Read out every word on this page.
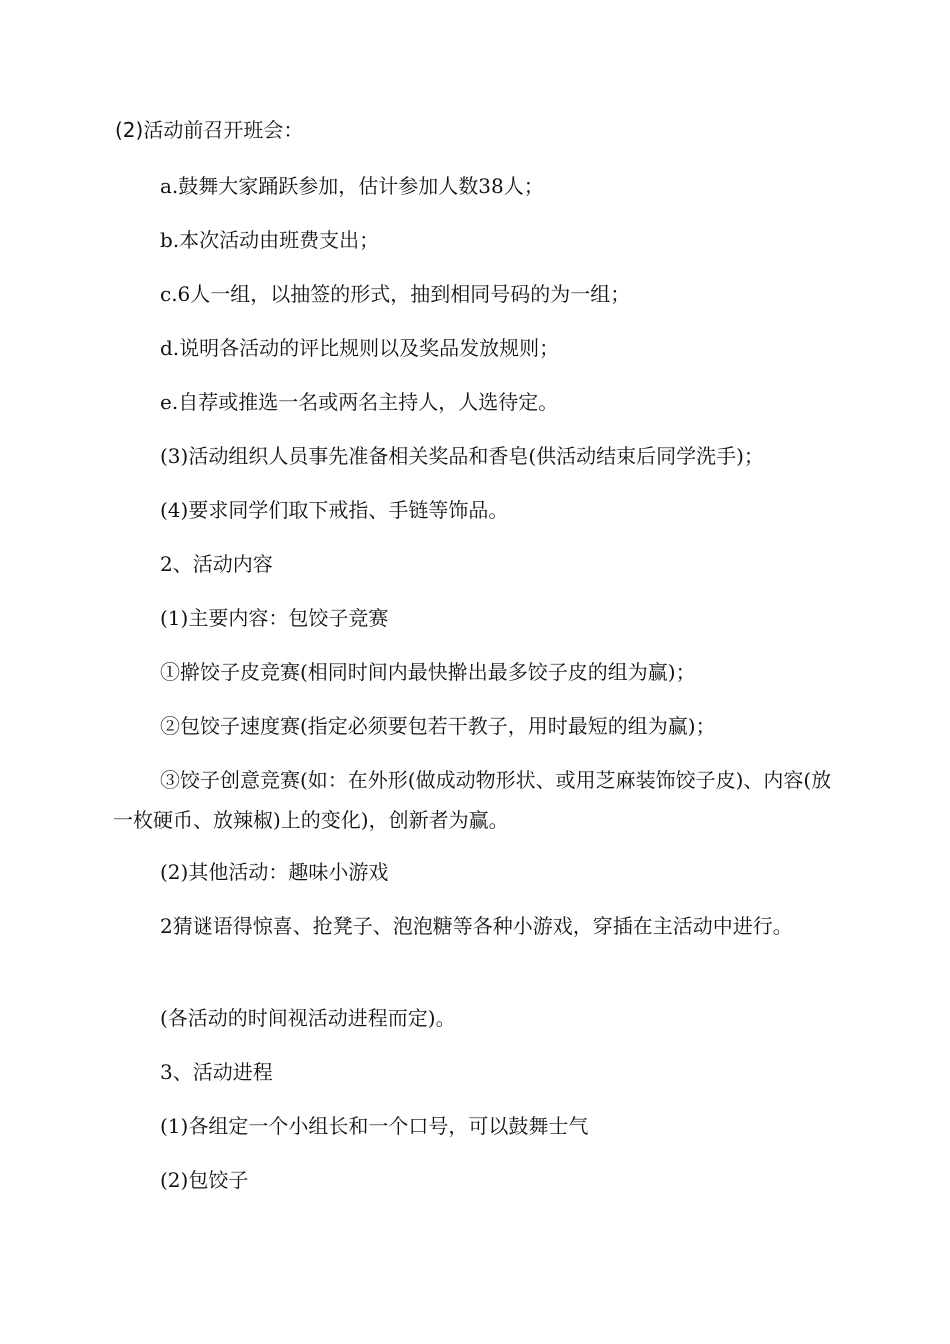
(2)活动前召开班会：

a.鼓舞大家踊跃参加，估计参加人数38人；

b.本次活动由班费支出；

c.6人一组，以抽签的形式，抽到相同号码的为一组；

d.说明各活动的评比规则以及奖品发放规则；

e.自荐或推选一名或两名主持人，人选待定。

(3)活动组织人员事先准备相关奖品和香皂(供活动结束后同学洗手)；

(4)要求同学们取下戒指、手链等饰品。

2、活动内容

(1)主要内容：包饺子竞赛

①擀饺子皮竞赛(相同时间内最快擀出最多饺子皮的组为赢)；

②包饺子速度赛(指定必须要包若干教子，用时最短的组为赢)；

③饺子创意竞赛(如：在外形(做成动物形状、或用芝麻装饰饺子皮)、内容(放一枚硬币、放辣椒)上的变化)，创新者为赢。

(2)其他活动：趣味小游戏

2猜谜语得惊喜、抢凳子、泡泡糖等各种小游戏，穿插在主活动中进行。

(各活动的时间视活动进程而定)。

3、活动进程

(1)各组定一个小组长和一个口号，可以鼓舞士气

(2)包饺子
